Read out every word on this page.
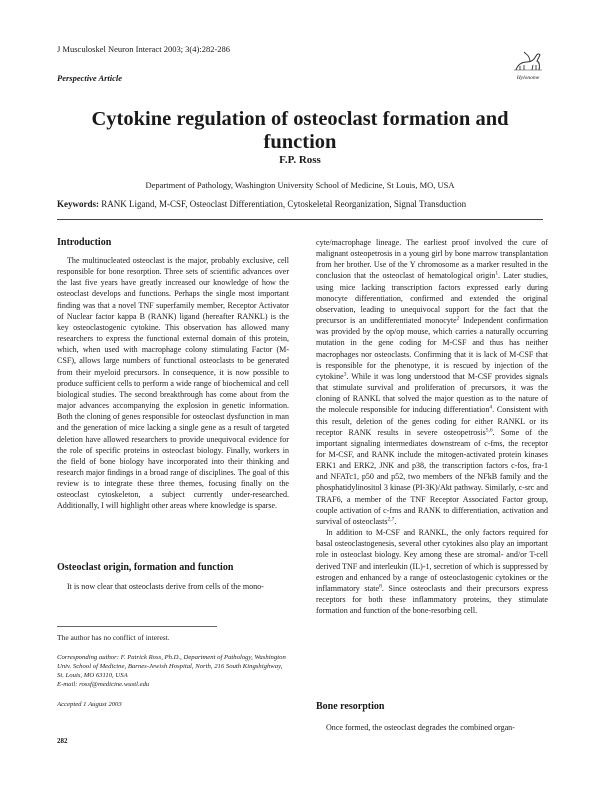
J Musculoskel Neuron Interact 2003; 3(4):282-286
Perspective Article	Hylonome
Cytokine regulation of osteoclast formation and function
F.P. Ross
Department of Pathology, Washington University School of Medicine, St Louis, MO, USA
Keywords: RANK Ligand, M-CSF, Osteoclast Differentiation, Cytoskeletal Reorganization, Signal Transduction
Introduction

The multinucleated osteoclast is the major, probably exclusive, cell responsible for bone resorption. Three sets of scientific advances over the last five years have greatly increased our knowledge of how the osteoclast develops and functions. Perhaps the single most important finding was that a novel TNF superfamily member, Receptor Activator of Nuclear factor kappa B (RANK) ligand (hereafter RANKL) is the key osteoclastogenic cytokine. This observation has allowed many researchers to express the functional external domain of this protein, which, when used with macrophage colony stimulating Factor (M-CSF), allows large numbers of functional osteoclasts to be generated from their myeloid precursors. In consequence, it is now possible to produce sufficient cells to perform a wide range of biochemical and cell biological studies. The second breakthrough has come about from the major advances accompanying the explosion in genetic information. Both the cloning of genes responsible for osteoclast dysfunction in man and the generation of mice lacking a single gene as a result of targeted deletion have allowed researchers to provide unequivocal evidence for the role of specific proteins in osteoclast biology. Finally, workers in the field of bone biology have incorporated into their thinking and research major findings in a broad range of disciplines. The goal of this review is to integrate these three themes, focusing finally on the osteoclast cytoskeleton, a subject currently under-researched. Additionally, I will highlight other areas where knowledge is sparse.

Osteoclast origin, formation and function

It is now clear that osteoclasts derive from cells of the mono-

cyte/macrophage lineage. The earliest proof involved the cure of malignant osteopetrosis in a young girl by bone marrow transplantation from her brother. Use of the Y chromosome as a marker resulted in the conclusion that the osteoclast of hematological origin$^1$. Later studies, using mice lacking transcription factors expressed early during monocyte differentiation, confirmed and extended the original observation, leading to unequivocal support for the fact that the precursor is an undifferentiated monocyte$^2$ Independent confirmation was provided by the op/op mouse, which carries a naturally occurring mutation in the gene coding for M-CSF and thus has neither macrophages nor osteoclasts. Confirming that it is lack of M-CSF that is responsible for the phenotype, it is rescued by injection of the cytokine$^3$. While it was long understood that M-CSF provides signals that stimulate survival and proliferation of precursors, it was the cloning of RANKL that solved the major question as to the nature of the molecule responsible for inducing differentiation$^4$. Consistent with this result, deletion of the genes coding for either RANKL or its receptor RANK results in severe osteopetrosis$^{5,6}$. Some of the important signaling intermediates downstream of c-fms, the receptor for M-CSF, and RANK include the mitogen-activated protein kinases ERK1 and ERK2, JNK and p38, the transcription factors c-fos, fra-1 and NFATc1, p50 and p52, two members of the NFkB family and the phosphatidylinositol 3 kinase (PI-3K)/Akt pathway. Similarly, c-src and TRAF6, a member of the TNF Receptor Associated Factor group, couple activation of c-fms and RANK to differentiation, activation and survival of osteoclasts$^{2,7}$.

In addition to M-CSF and RANKL, the only factors required for basal osteoclastogenesis, several other cytokines also play an important role in osteoclast biology. Key among these are stromal- and/or T-cell derived TNF and interleukin (IL)-1, secretion of which is suppressed by estrogen and enhanced by a range of osteoclastogenic cytokines or the inflammatory state$^8$. Since osteoclasts and their precursors express receptors for both these inflammatory proteins, they stimulate formation and function of the bone-resorbing cell.

Bone resorption

Once formed, the osteoclast degrades the combined organ-

The author has no conflict of interest.
Corresponding author: F. Patrick Ross, Ph.D., Department of Pathology, Washington Univ. School of Medicine, Barnes-Jewish Hospital, North, 216 South Kingshighway, St. Louis, MO 63110, USA
E-mail: rossf@medicine.wustl.edu
Accepted 1 August 2003
282
